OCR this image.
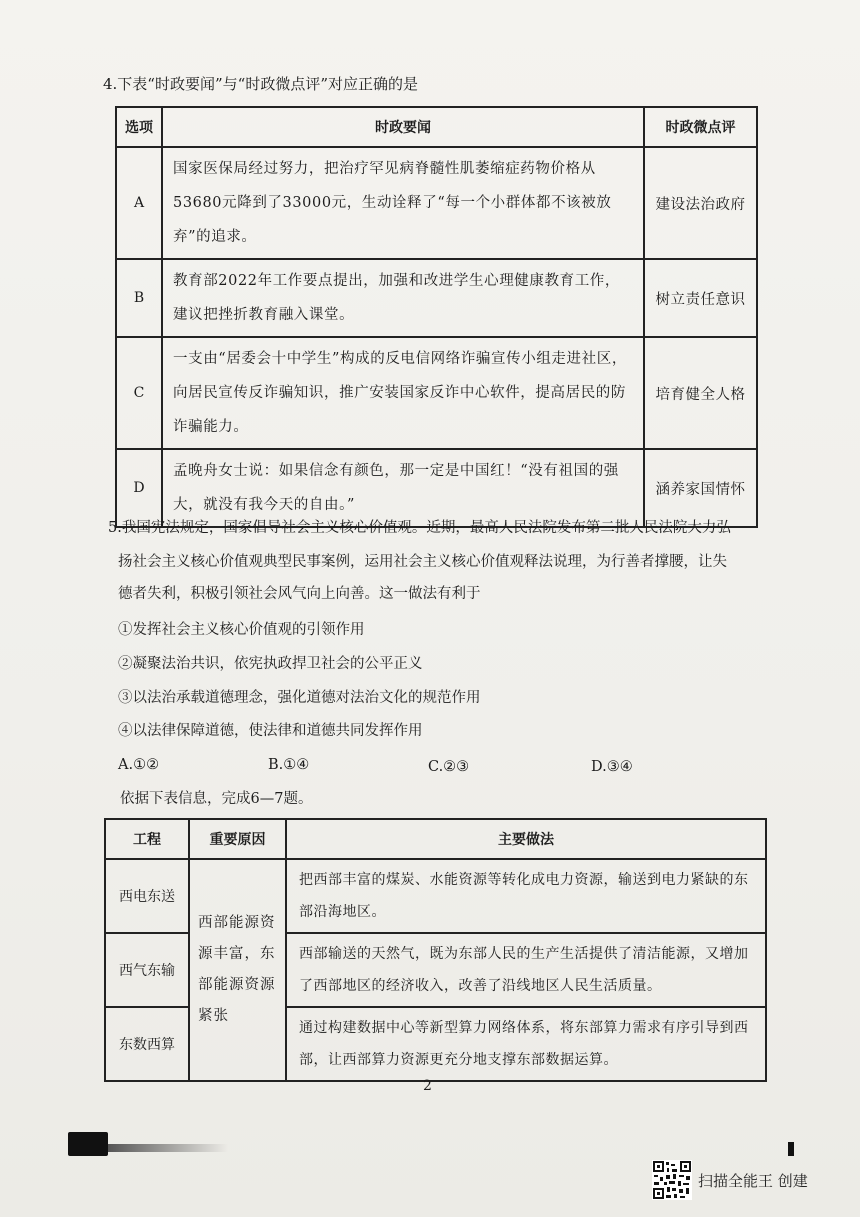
4.下表“时政要闻”与“时政微点评”对应正确的是
选项	时政要闻	时政微点评
A	国家医保局经过努力，把治疗罕见病脊髓性肌萎缩症药物价格从53680元降到了33000元，生动诠释了“每一个小群体都不该被放弃”的追求。	建设法治政府
B	教育部2022年工作要点提出，加强和改进学生心理健康教育工作，建议把挫折教育融入课堂。	树立责任意识
C	一支由“居委会十中学生”构成的反电信网络诈骗宣传小组走进社区，向居民宣传反诈骗知识，推广安装国家反诈中心软件，提高居民的防诈骗能力。	培育健全人格
D	孟晚舟女士说：如果信念有颜色，那一定是中国红！“没有祖国的强大，就没有我今天的自由。”	涵养家国情怀
5.我国宪法规定，国家倡导社会主义核心价值观。近期，最高人民法院发布第二批人民法院大力弘
扬社会主义核心价值观典型民事案例，运用社会主义核心价值观释法说理，为行善者撑腰，让失
德者失利，积极引领社会风气向上向善。这一做法有利于
①发挥社会主义核心价值观的引领作用
②凝聚法治共识，依宪执政捍卫社会的公平正义
③以法治承载道德理念，强化道德对法治文化的规范作用
④以法律保障道德，使法律和道德共同发挥作用
A.①②	B.①④	C.②③	D.③④
依据下表信息，完成6—7题。
工程	重要原因	主要做法
西电东送	西部能源资源丰富，东部能源资源紧张	把西部丰富的煤炭、水能资源等转化成电力资源，输送到电力紧缺的东部沿海地区。
西气东输		西部输送的天然气，既为东部人民的生产生活提供了清洁能源，又增加了西部地区的经济收入，改善了沿线地区人民生活质量。
东数西算		通过构建数据中心等新型算力网络体系，将东部算力需求有序引导到西部，让西部算力资源更充分地支撑东部数据运算。
2
扫描全能王 创建
